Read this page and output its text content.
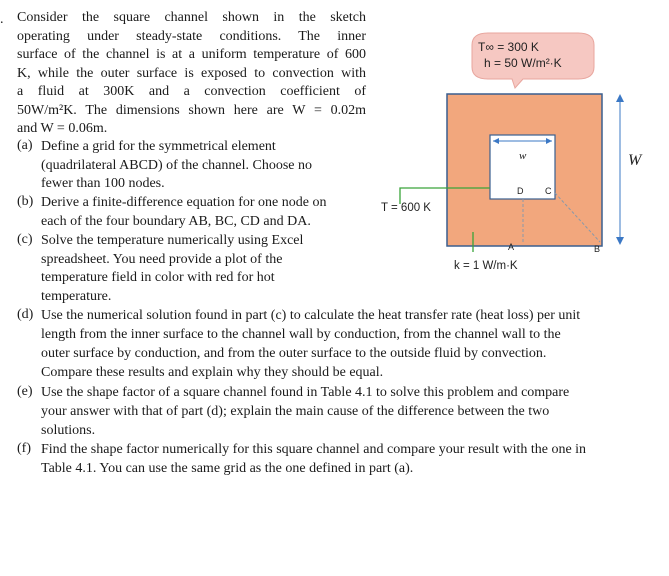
. Consider the square channel shown in the sketch
operating under steady-state conditions. The inner
surface of the channel is at a uniform temperature of 600
K, while the outer surface is exposed to convection with
a fluid at 300K and a convection coefficient of
50W/m²K. The dimensions shown here are W = 0.02m
and W = 0.06m.
(a) Define a grid for the symmetrical element
(quadrilateral ABCD) of the channel. Choose no
fewer than 100 nodes.
(b) Derive a finite-difference equation for one node on
each of the four boundary AB, BC, CD and DA.
(c) Solve the temperature numerically using Excel
spreadsheet. You need provide a plot of the
temperature field in color with red for hot
temperature.
(d) Use the numerical solution found in part (c) to calculate the heat transfer rate (heat loss) per unit
length from the inner surface to the channel wall by conduction, from the channel wall to the
outer surface by conduction, and from the outer surface to the outside fluid by convection.
Compare these results and explain why they should be equal.
(e) Use the shape factor of a square channel found in Table 4.1 to solve this problem and compare
your answer with that of part (d); explain the main cause of the difference between the two
solutions.
(f) Find the shape factor numerically for this square channel and compare your result with the one in
Table 4.1. You can use the same grid as the one defined in part (a).
T∞ = 300 K
h = 50 W/m²·K
w	W
D C
A	B
T = 600 K
k = 1 W/m·K
